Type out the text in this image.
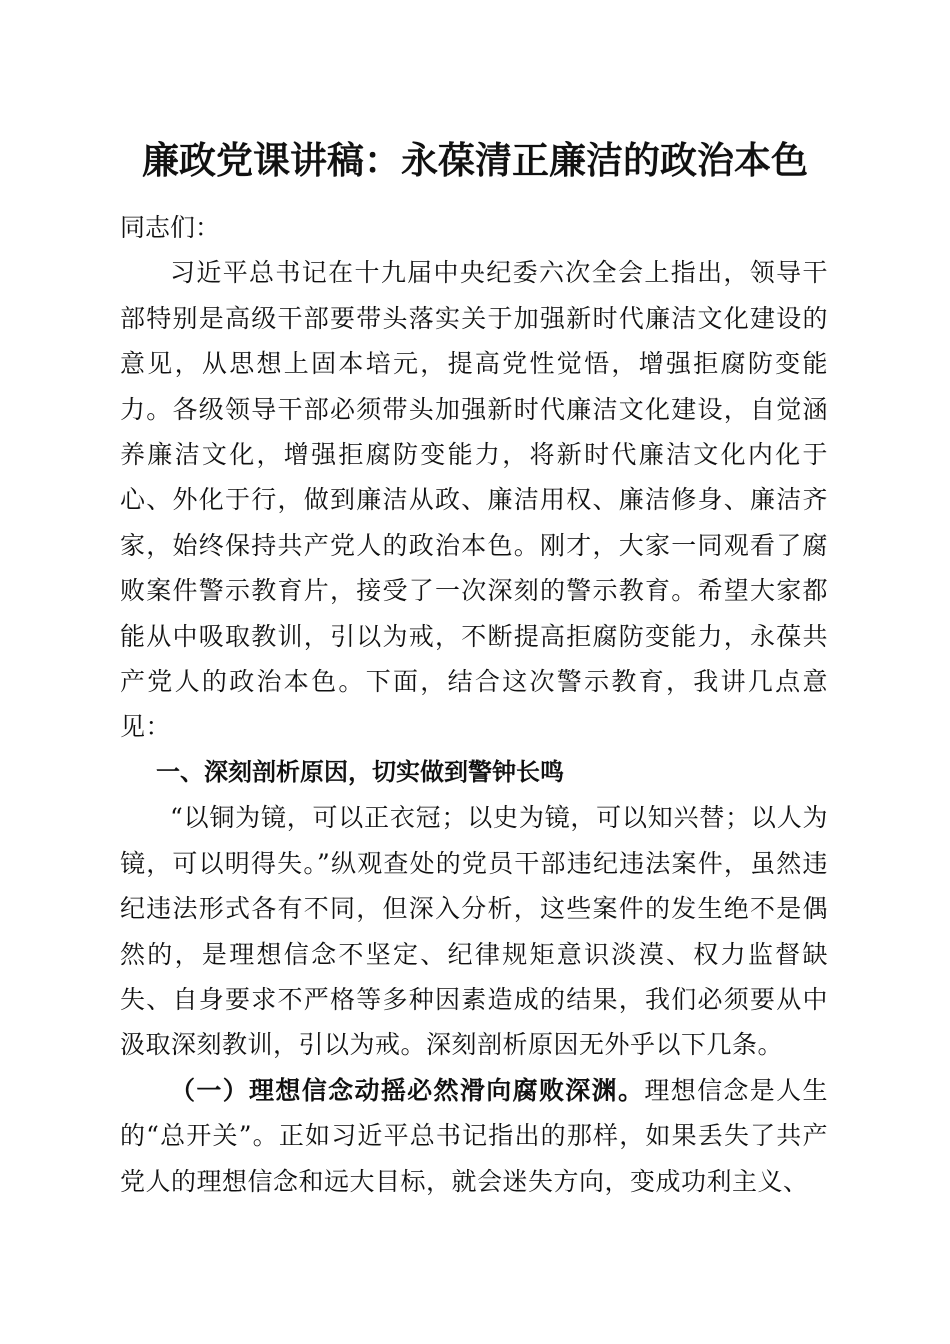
廉政党课讲稿：永葆清正廉洁的政治本色

同志们：

习近平总书记在十九届中央纪委六次全会上指出，领导干部特别是高级干部要带头落实关于加强新时代廉洁文化建设的意见，从思想上固本培元，提高党性觉悟，增强拒腐防变能力。各级领导干部必须带头加强新时代廉洁文化建设，自觉涵养廉洁文化，增强拒腐防变能力，将新时代廉洁文化内化于心、外化于行，做到廉洁从政、廉洁用权、廉洁修身、廉洁齐家，始终保持共产党人的政治本色。刚才，大家一同观看了腐败案件警示教育片，接受了一次深刻的警示教育。希望大家都能从中吸取教训，引以为戒，不断提高拒腐防变能力，永葆共产党人的政治本色。下面，结合这次警示教育，我讲几点意见：

一、深刻剖析原因，切实做到警钟长鸣

“以铜为镜，可以正衣冠；以史为镜，可以知兴替；以人为镜，可以明得失。”纵观查处的党员干部违纪违法案件，虽然违纪违法形式各有不同，但深入分析，这些案件的发生绝不是偶然的，是理想信念不坚定、纪律规矩意识淡漠、权力监督缺失、自身要求不严格等多种因素造成的结果，我们必须要从中汲取深刻教训，引以为戒。深刻剖析原因无外乎以下几条。

（一）理想信念动摇必然滑向腐败深渊。理想信念是人生的“总开关”。正如习近平总书记指出的那样，如果丢失了共产党人的理想信念和远大目标，就会迷失方向，变成功利主义、
